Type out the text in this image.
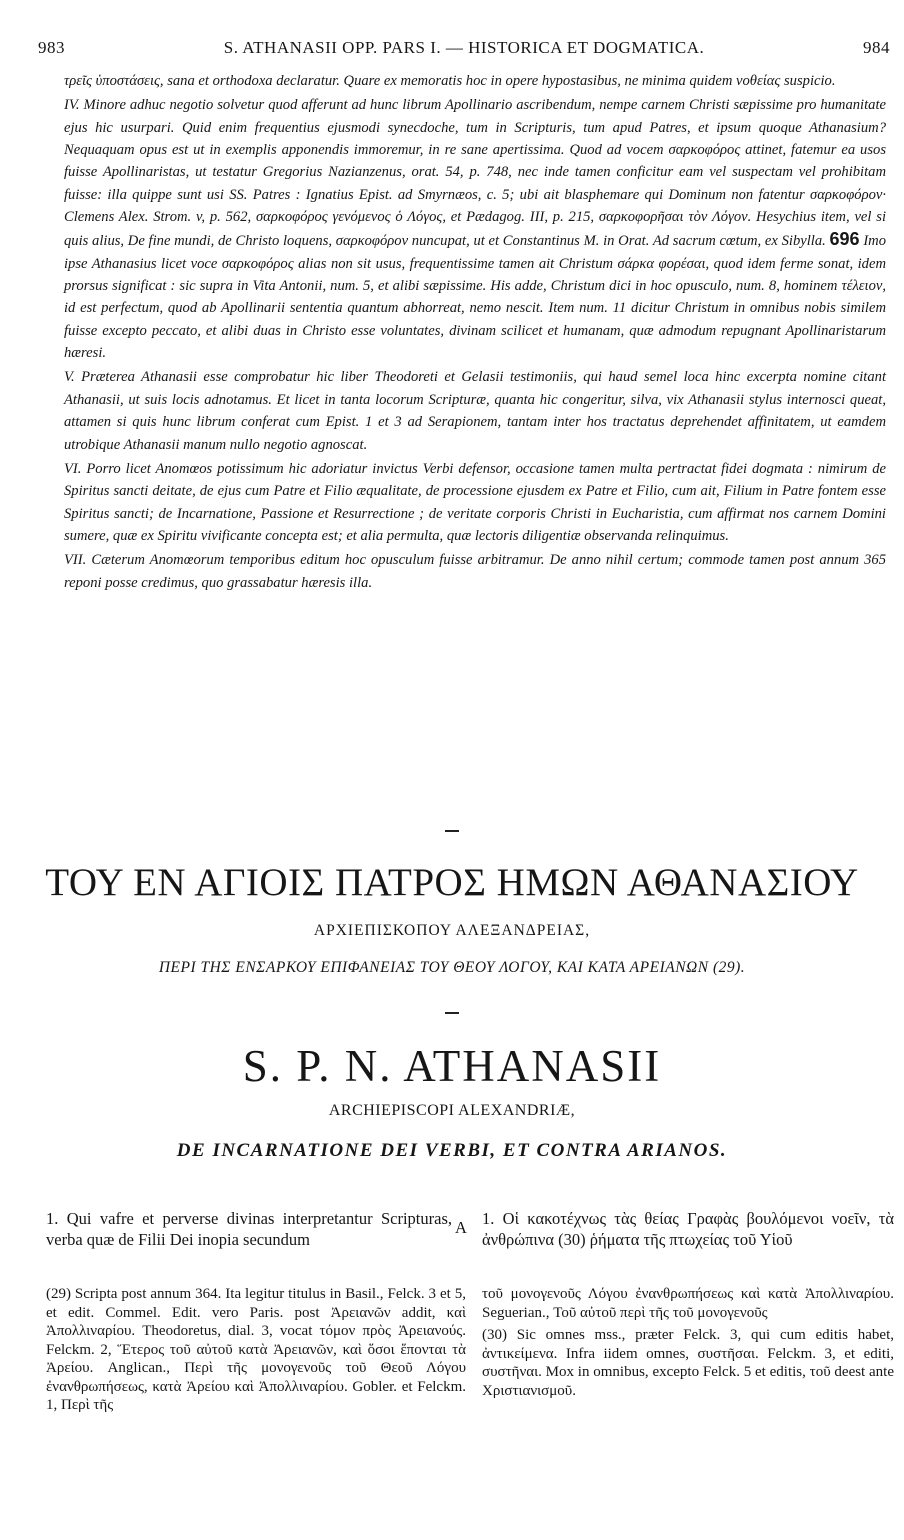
983	S. ATHANASII OPP. PARS I. — HISTORICA ET DOGMATICA.	984

τρεῖς ὑποστάσεις, sana et orthodoxa declaratur. Quare ex memoratis hoc in opere hypostasibus, ne minima quidem νοθείας suspicio.

IV. Minore adhuc negotio solvetur quod afferunt ad hunc librum Apollinario ascribendum, nempe carnem Christi sæpissime pro humanitate ejus hic usurpari. Quid enim frequentius ejusmodi synecdoche, tum in Scripturis, tum apud Patres, et ipsum quoque Athanasium? Nequaquam opus est ut in exemplis apponendis immoremur, in re sane apertissima. Quod ad vocem σαρκοφόρος attinet, fatemur ea usos fuisse Apollinaristas, ut testatur Gregorius Nazianzenus, orat. 54, p. 748, nec inde tamen conficitur eam vel suspectam vel prohibitam fuisse: illa quippe sunt usi SS. Patres : Ignatius Epist. ad Smyrnæos, c. 5; ubi ait blasphemare qui Dominum non fatentur σαρκοφόρον· Clemens Alex. Strom. v, p. 562, σαρκοφόρος γενόμενος ὁ Λόγος, et Pædagog. III, p. 215, σαρκοφορῆσαι τὸν Λόγον. Hesychius item, vel si quis alius, De fine mundi, de Christo loquens, σαρκοφόρον nuncupat, ut et Constantinus M. in Orat. Ad sacrum cœtum, ex Sibylla. 696 Imo ipse Athanasius licet voce σαρκοφόρος alias non sit usus, frequentissime tamen ait Christum σάρκα φορέσαι, quod idem ferme sonat, idem prorsus significat : sic supra in Vita Antonii, num. 5, et alibi sæpissime. His adde, Christum dici in hoc opusculo, num. 8, hominem τέλειον, id est perfectum, quod ab Apollinarii sententia quantum abhorreat, nemo nescit. Item num. 11 dicitur Christum in omnibus nobis similem fuisse excepto peccato, et alibi duas in Christo esse voluntates, divinam scilicet et humanam, quæ admodum repugnant Apollinaristarum hæresi.

V. Præterea Athanasii esse comprobatur hic liber Theodoreti et Gelasii testimoniis, qui haud semel loca hinc excerpta nomine citant Athanasii, ut suis locis adnotamus. Et licet in tanta locorum Scripturæ, quanta hic congeritur, silva, vix Athanasii stylus internosci queat, attamen si quis hunc librum conferat cum Epist. 1 et 3 ad Serapionem, tantam inter hos tractatus deprehendet affinitatem, ut eamdem utrobique Athanasii manum nullo negotio agnoscat.

VI. Porro licet Anomœos potissimum hic adoriatur invictus Verbi defensor, occasione tamen multa pertractat fidei dogmata : nimirum de Spiritus sancti deitate, de ejus cum Patre et Filio æqualitate, de processione ejusdem ex Patre et Filio, cum ait, Filium in Patre fontem esse Spiritus sancti; de Incarnatione, Passione et Resurrectione ; de veritate corporis Christi in Eucharistia, cum affirmat nos carnem Domini sumere, quæ ex Spiritu vivificante concepta est; et alia permulta, quæ lectoris diligentiæ observanda relinquimus.

VII. Cæterum Anomœorum temporibus editum hoc opusculum fuisse arbitramur. De anno nihil certum; commode tamen post annum 365 reponi posse credimus, quo grassabatur hæresis illa.

ΤΟΥ ΕΝ ΑΓΙΟΙΣ ΠΑΤΡΟΣ ΗΜΩΝ ΑΘΑΝΑΣΙΟΥ
ΑΡΧΙΕΠΙΣΚΟΠΟΥ ΑΛΕΞΑΝΔΡΕΙΑΣ,
ΠΕΡΙ ΤΗΣ ΕΝΣΑΡΚΟΥ ΕΠΙΦΑΝΕΙΑΣ ΤΟΥ ΘΕΟΥ ΛΟΓΟΥ, ΚΑΙ ΚΑΤΑ ΑΡΕΙΑΝΩΝ (29).
S. P. N. ATHANASII
ARCHIEPISCOPI ALEXANDRIÆ,
DE INCARNATIONE DEI VERBI, ET CONTRA ARIANOS.

1. Qui vafre et perverse divinas interpretantur Scripturas, verba quæ de Filii Dei inopia secundum

A 1. Οἱ κακοτέχνως τὰς θείας Γραφὰς βουλόμενοι νοεῖν, τὰ ἀνθρώπινα (30) ῥήματα τῆς πτωχείας τοῦ Υἱοῦ

(29) Scripta post annum 364. Ita legitur titulus in Basil., Felck. 3 et 5, et edit. Commel. Edit. vero Paris. post Ἀρειανῶν addit, καὶ Ἀπολλιναρίου. Theodoretus, dial. 3, vocat τόμον πρὸς Ἀρειανούς. Felckm. 2, Ἕτερος τοῦ αὐτοῦ κατὰ Ἀρειανῶν, καὶ ὅσοι ἕπονται τὰ Ἀρείου. Anglican., Περὶ τῆς μονογενοῦς τοῦ Θεοῦ Λόγου ἐνανθρωπήσεως, κατὰ Ἀρείου καὶ Ἀπολλιναρίου. Gobler. et Felckm. 1, Περὶ τῆς

τοῦ μονογενοῦς Λόγου ἐνανθρωπήσεως καὶ κατὰ Ἀπολλιναρίου. Seguerian., Τοῦ αὐτοῦ περὶ τῆς τοῦ μονογενοῦς

(30) Sic omnes mss., præter Felck. 3, qui cum editis habet, ἀντικείμενα. Infra iidem omnes, συστῆσαι. Felckm. 3, et editi, συστῆναι. Mox in omnibus, excepto Felck. 5 et editis, τοῦ deest ante Χριστιανισμοῦ.
